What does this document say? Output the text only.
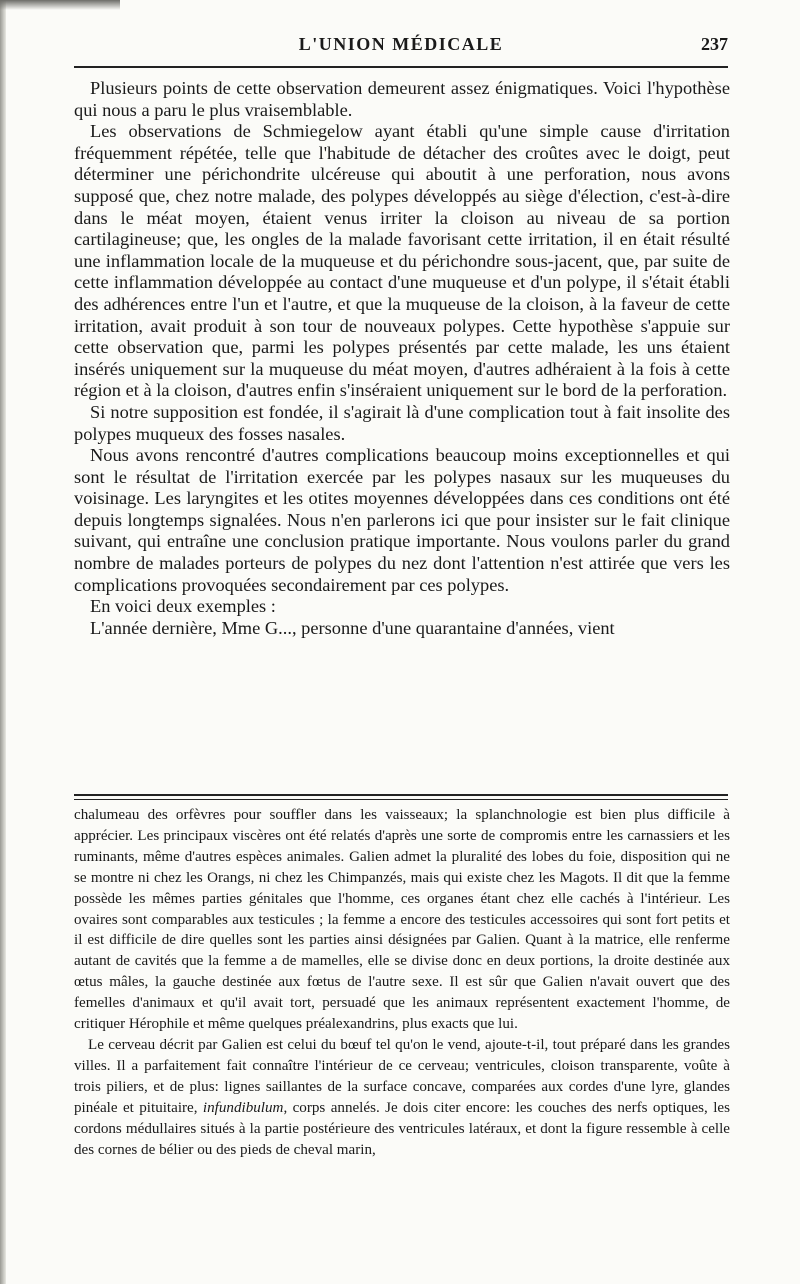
L'UNION MÉDICALE	237

Plusieurs points de cette observation demeurent assez énigmatiques. Voici l'hypothèse qui nous a paru le plus vraisemblable.

Les observations de Schmiegelow ayant établi qu'une simple cause d'irritation fréquemment répétée, telle que l'habitude de détacher des croûtes avec le doigt, peut déterminer une périchondrite ulcéreuse qui aboutit à une perforation, nous avons supposé que, chez notre malade, des polypes développés au siège d'élection, c'est-à-dire dans le méat moyen, étaient venus irriter la cloison au niveau de sa portion cartilagineuse; que, les ongles de la malade favorisant cette irritation, il en était résulté une inflammation locale de la muqueuse et du périchondre sous-jacent, que, par suite de cette inflammation développée au contact d'une muqueuse et d'un polype, il s'était établi des adhérences entre l'un et l'autre, et que la muqueuse de la cloison, à la faveur de cette irritation, avait produit à son tour de nouveaux polypes. Cette hypothèse s'appuie sur cette observation que, parmi les polypes présentés par cette malade, les uns étaient insérés uniquement sur la muqueuse du méat moyen, d'autres adhéraient à la fois à cette région et à la cloison, d'autres enfin s'inséraient uniquement sur le bord de la perforation.

Si notre supposition est fondée, il s'agirait là d'une complication tout à fait insolite des polypes muqueux des fosses nasales.

Nous avons rencontré d'autres complications beaucoup moins exceptionnelles et qui sont le résultat de l'irritation exercée par les polypes nasaux sur les muqueuses du voisinage. Les laryngites et les otites moyennes développées dans ces conditions ont été depuis longtemps signalées. Nous n'en parlerons ici que pour insister sur le fait clinique suivant, qui entraîne une conclusion pratique importante. Nous voulons parler du grand nombre de malades porteurs de polypes du nez dont l'attention n'est attirée que vers les complications provoquées secondairement par ces polypes.

En voici deux exemples :

L'année dernière, Mme G..., personne d'une quarantaine d'années, vient

chalumeau des orfèvres pour souffler dans les vaisseaux; la splanchnologie est bien plus difficile à apprécier. Les principaux viscères ont été relatés d'après une sorte de compromis entre les carnassiers et les ruminants, même d'autres espèces animales. Galien admet la pluralité des lobes du foie, disposition qui ne se montre ni chez les Orangs, ni chez les Chimpanzés, mais qui existe chez les Magots. Il dit que la femme possède les mêmes parties génitales que l'homme, ces organes étant chez elle cachés à l'intérieur. Les ovaires sont comparables aux testicules ; la femme a encore des testicules accessoires qui sont fort petits et il est difficile de dire quelles sont les parties ainsi désignées par Galien. Quant à la matrice, elle renferme autant de cavités que la femme a de mamelles, elle se divise donc en deux portions, la droite destinée aux œtus mâles, la gauche destinée aux fœtus de l'autre sexe. Il est sûr que Galien n'avait ouvert que des femelles d'animaux et qu'il avait tort, persuadé que les animaux représentent exactement l'homme, de critiquer Hérophile et même quelques préalexandrins, plus exacts que lui.

Le cerveau décrit par Galien est celui du bœuf tel qu'on le vend, ajoute-t-il, tout préparé dans les grandes villes. Il a parfaitement fait connaître l'intérieur de ce cerveau; ventricules, cloison transparente, voûte à trois piliers, et de plus: lignes saillantes de la surface concave, comparées aux cordes d'une lyre, glandes pinéale et pituitaire, infundibulum, corps annelés. Je dois citer encore: les couches des nerfs optiques, les cordons médullaires situés à la partie postérieure des ventricules latéraux, et dont la figure ressemble à celle des cornes de bélier ou des pieds de cheval marin,
